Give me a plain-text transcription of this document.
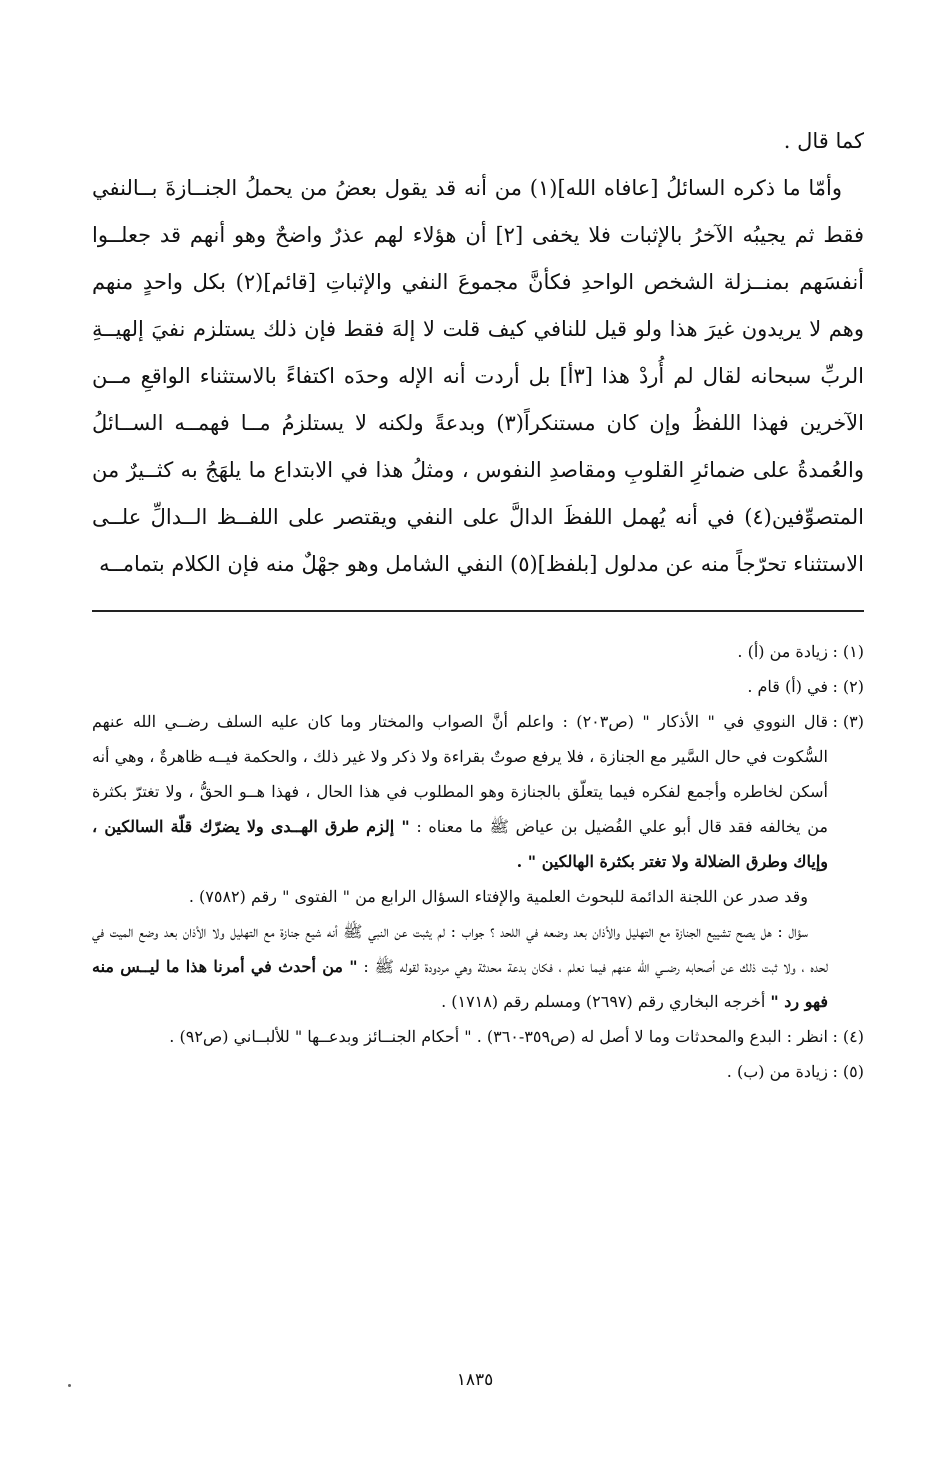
كما قال .

وأمّا ما ذكره السائلُ [عافاه الله](١) من أنه قد يقول بعضُ من يحملُ الجنــازةَ بــالنفي فقط ثم يجيبُه الآخرُ بالإثبات فلا يخفى [٢] أن هؤلاء لهم عذرٌ واضحٌ وهو أنهم قد جعلــوا أنفسَهم بمنــزلة الشخص الواحدِ فكأنَّ مجموعَ النفي والإثباتِ [قائم](٢) بكل واحدٍ منهم وهم لا يريدون غيرَ هذا ولو قيل للنافي كيف قلت لا إلهَ فقط فإن ذلك يستلزم نفيَ إلهيــةِ الربِّ سبحانه لقال لم أُردْ هذا [٣أ] بل أردت أنه الإله وحدَه اكتفاءً بالاستثناء الواقعِ مــن الآخرين فهذا اللفظُ وإن كان مستنكراً(٣) وبدعةً ولكنه لا يستلزمُ مــا فهمــه الســائلُ والعُمدةُ على ضمائرِ القلوبِ ومقاصدِ النفوس ، ومثلُ هذا في الابتداع ما يلهَجُ به كثــيرٌ من المتصوِّفين(٤) في أنه يُهمل اللفظَ الدالَّ على النفي ويقتصر على اللفــظ الــدالِّ علــى الاستثناء تحرّجاً منه عن مدلول [بلفظ](٥) النفي الشامل وهو جهْلٌ منه فإن الكلام بتمامــه

(١) :
زيادة من (أ) .

(٢) :
في (أ) قام .

(٣) :
قال النووي في " الأذكار " (ص٢٠٣) : واعلم أنَّ الصواب والمختار وما كان عليه السلف رضــي الله عنهم السُّكوت في حال السَّير مع الجنازة ، فلا يرفع صوتٌ بقراءة ولا ذكر ولا غير ذلك ، والحكمة فيــه ظاهرةٌ ، وهي أنه أسكن لخاطره وأجمع لفكره فيما يتعلّق بالجنازة وهو المطلوب في هذا الحال ، فهذا هــو الحقُّ ، ولا تغترّ بكثرة من يخالفه فقد قال أبو علي الفُضيل بن عياض ﷺ ما معناه : " إلزم طرق الهــدى ولا يضرّك قلّة السالكين ، وإياك وطرق الضلالة ولا تغتر بكثرة الهالكين " .

وقد صدر عن اللجنة الدائمة للبحوث العلمية والإفتاء السؤال الرابع من " الفتوى " رقم (٧٥٨٢) .

سؤال : هل يصح تشييع الجنازة مع التهليل والأذان بعد وضعه في اللحد ؟ جواب : لم يثبت عن النبي ﷺ أنه شيع جنازة مع التهليل ولا الأذان بعد وضع الميت في لحده ، ولا ثبت ذلك عن أصحابه رضــي الله عنهم فيما نعلم ، فكان بدعة محدثة وهي مردودة لقوله ﷺ : " من أحدث في أمرنا هذا ما ليــس منه فهو رد " أخرجه البخاري رقم (٢٦٩٧) ومسلم رقم (١٧١٨) .

(٤) :
انظر : البدع والمحدثات وما لا أصل له (ص٣٥٩-٣٦٠) . " أحكام الجنــائز وبدعــها " للألبــاني (ص٩٢) .

(٥) :
زيادة من (ب) .

١٨٣٥
